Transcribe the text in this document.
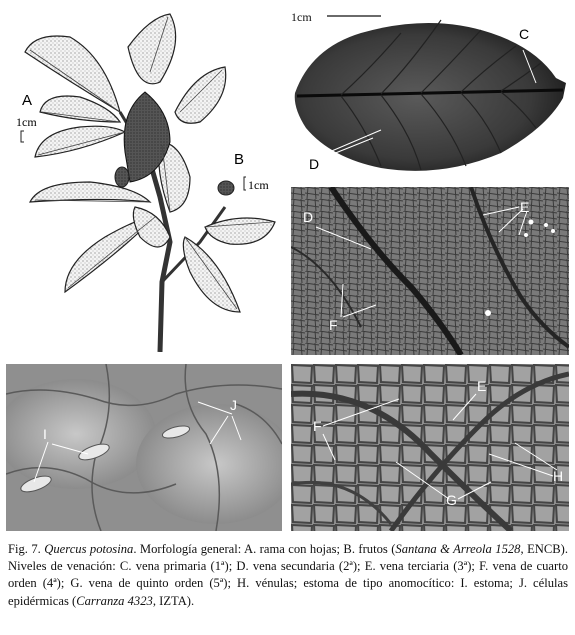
A
B
1cm
1cm
1cm
C
D
D
E
F
I
J
E
F
G
H
Fig. 7. Quercus potosina. Morfología general: A. rama con hojas; B. frutos (Santana & Arreola 1528, ENCB). Niveles de venación: C. vena primaria (1ª); D. vena secundaria (2ª); E. vena terciaria (3ª); F. vena de cuarto orden (4ª); G. vena de quinto orden (5ª); H. vénulas; estoma de tipo anomocítico: I. estoma; J. células epidérmicas (Carranza 4323, IZTA).
